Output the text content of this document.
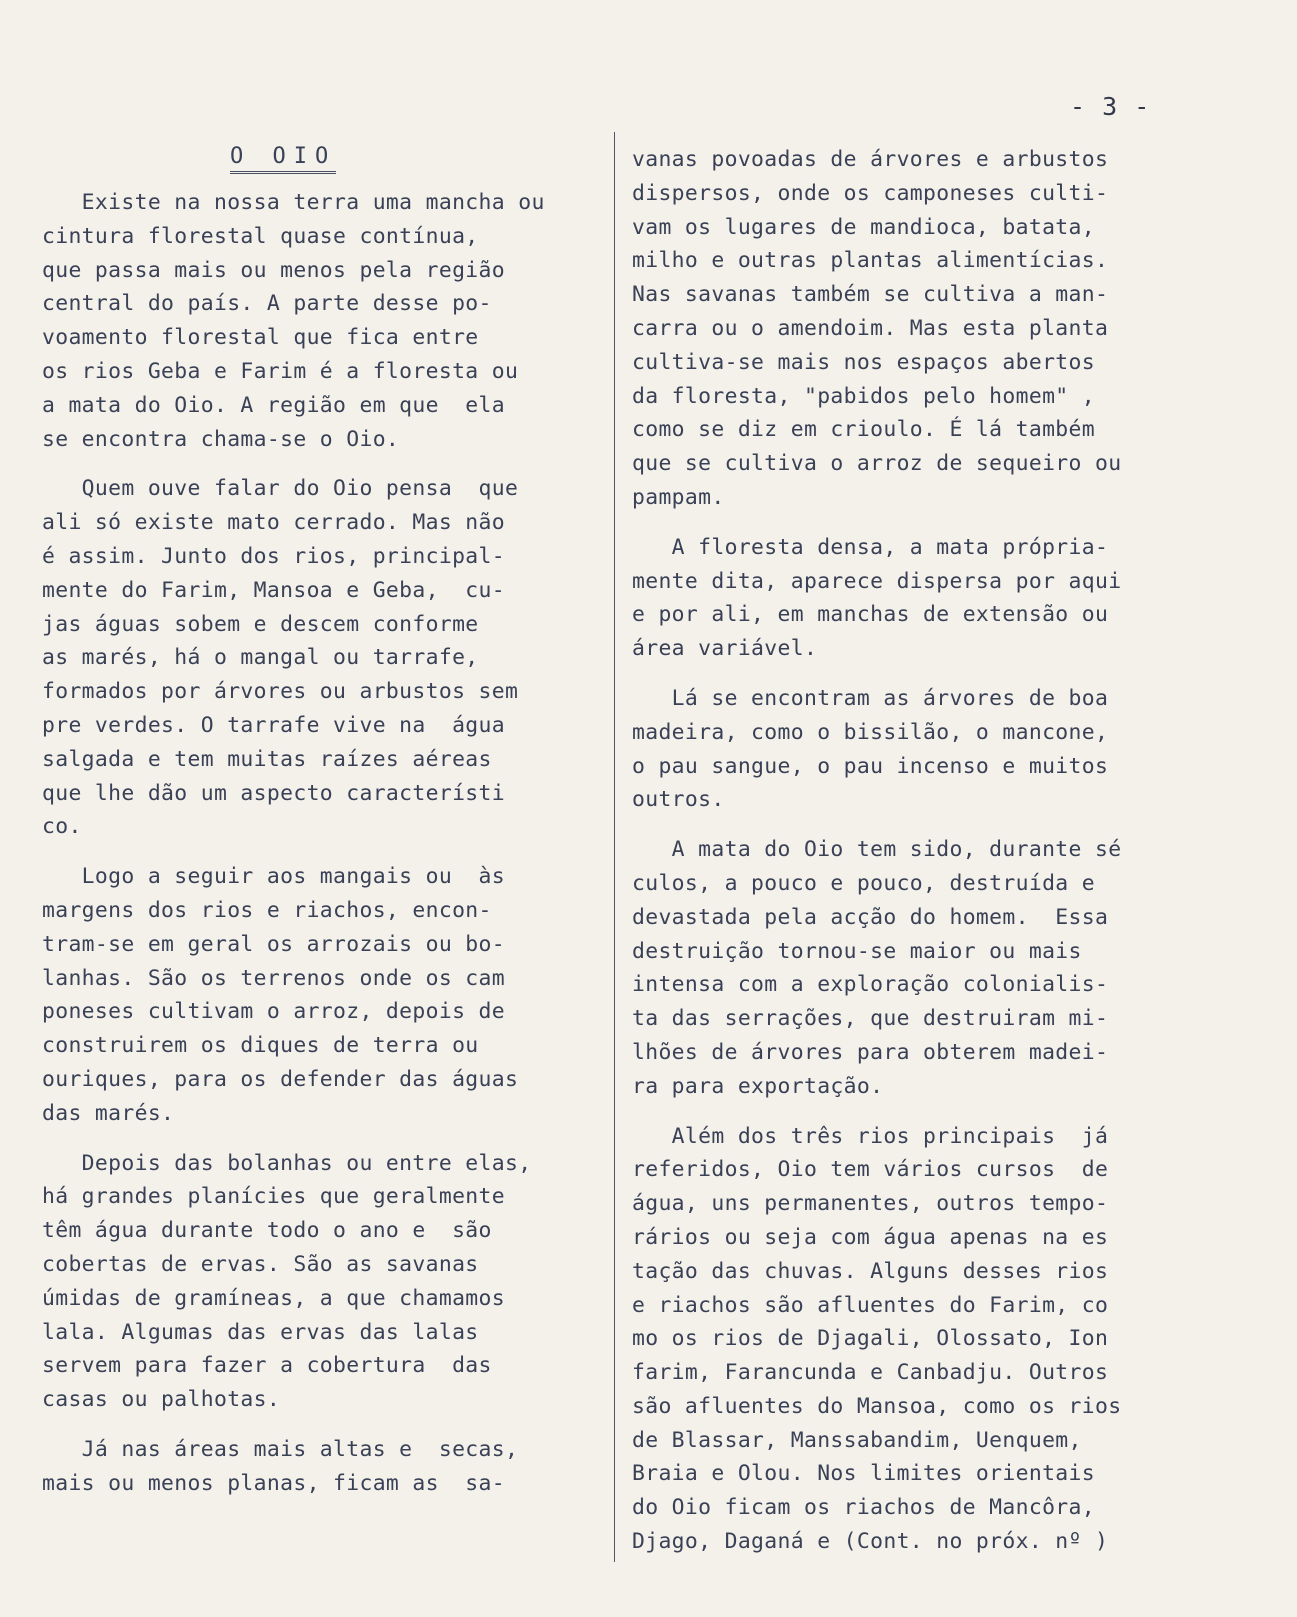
- 3 -
O OIO

Existe na nossa terra uma mancha ou
cintura florestal quase contínua,
que passa mais ou menos pela região
central do país. A parte desse po-
voamento florestal que fica entre
os rios Geba e Farim é a floresta ou
a mata do Oio. A região em que  ela
se encontra chama-se o Oio.

Quem ouve falar do Oio pensa  que
ali só existe mato cerrado. Mas não
é assim. Junto dos rios, principal-
mente do Farim, Mansoa e Geba,  cu-
jas águas sobem e descem conforme
as marés, há o mangal ou tarrafe,
formados por árvores ou arbustos sem
pre verdes. O tarrafe vive na  água
salgada e tem muitas raízes aéreas
que lhe dão um aspecto característi
co.

Logo a seguir aos mangais ou  às
margens dos rios e riachos, encon-
tram-se em geral os arrozais ou bo-
lanhas. São os terrenos onde os cam
poneses cultivam o arroz, depois de
construirem os diques de terra ou
ouriques, para os defender das águas
das marés.

Depois das bolanhas ou entre elas,
há grandes planícies que geralmente
têm água durante todo o ano e  são
cobertas de ervas. São as savanas
úmidas de gramíneas, a que chamamos
lala. Algumas das ervas das lalas
servem para fazer a cobertura  das
casas ou palhotas.

Já nas áreas mais altas e  secas,
mais ou menos planas, ficam as  sa-

vanas povoadas de árvores e arbustos
dispersos, onde os camponeses culti-
vam os lugares de mandioca, batata,
milho e outras plantas alimentícias.
Nas savanas também se cultiva a man-
carra ou o amendoim. Mas esta planta
cultiva-se mais nos espaços abertos
da floresta, "pabidos pelo homem" ,
como se diz em crioulo. É lá também
que se cultiva o arroz de sequeiro ou
pampam.

A floresta densa, a mata própria-
mente dita, aparece dispersa por aqui
e por ali, em manchas de extensão ou
área variável.

Lá se encontram as árvores de boa
madeira, como o bissilão, o mancone,
o pau sangue, o pau incenso e muitos
outros.

A mata do Oio tem sido, durante sé
culos, a pouco e pouco, destruída e
devastada pela acção do homem.  Essa
destruição tornou-se maior ou mais
intensa com a exploração colonialis-
ta das serrações, que destruiram mi-
lhões de árvores para obterem madei-
ra para exportação.

Além dos três rios principais  já
referidos, Oio tem vários cursos  de
água, uns permanentes, outros tempo-
rários ou seja com água apenas na es
tação das chuvas. Alguns desses rios
e riachos são afluentes do Farim, co
mo os rios de Djagali, Olossato, Ion
farim, Farancunda e Canbadju. Outros
são afluentes do Mansoa, como os rios
de Blassar, Manssabandim, Uenquem,
Braia e Olou. Nos limites orientais
do Oio ficam os riachos de Mancôra,
Djago, Daganá e (Cont. no próx. nº )
